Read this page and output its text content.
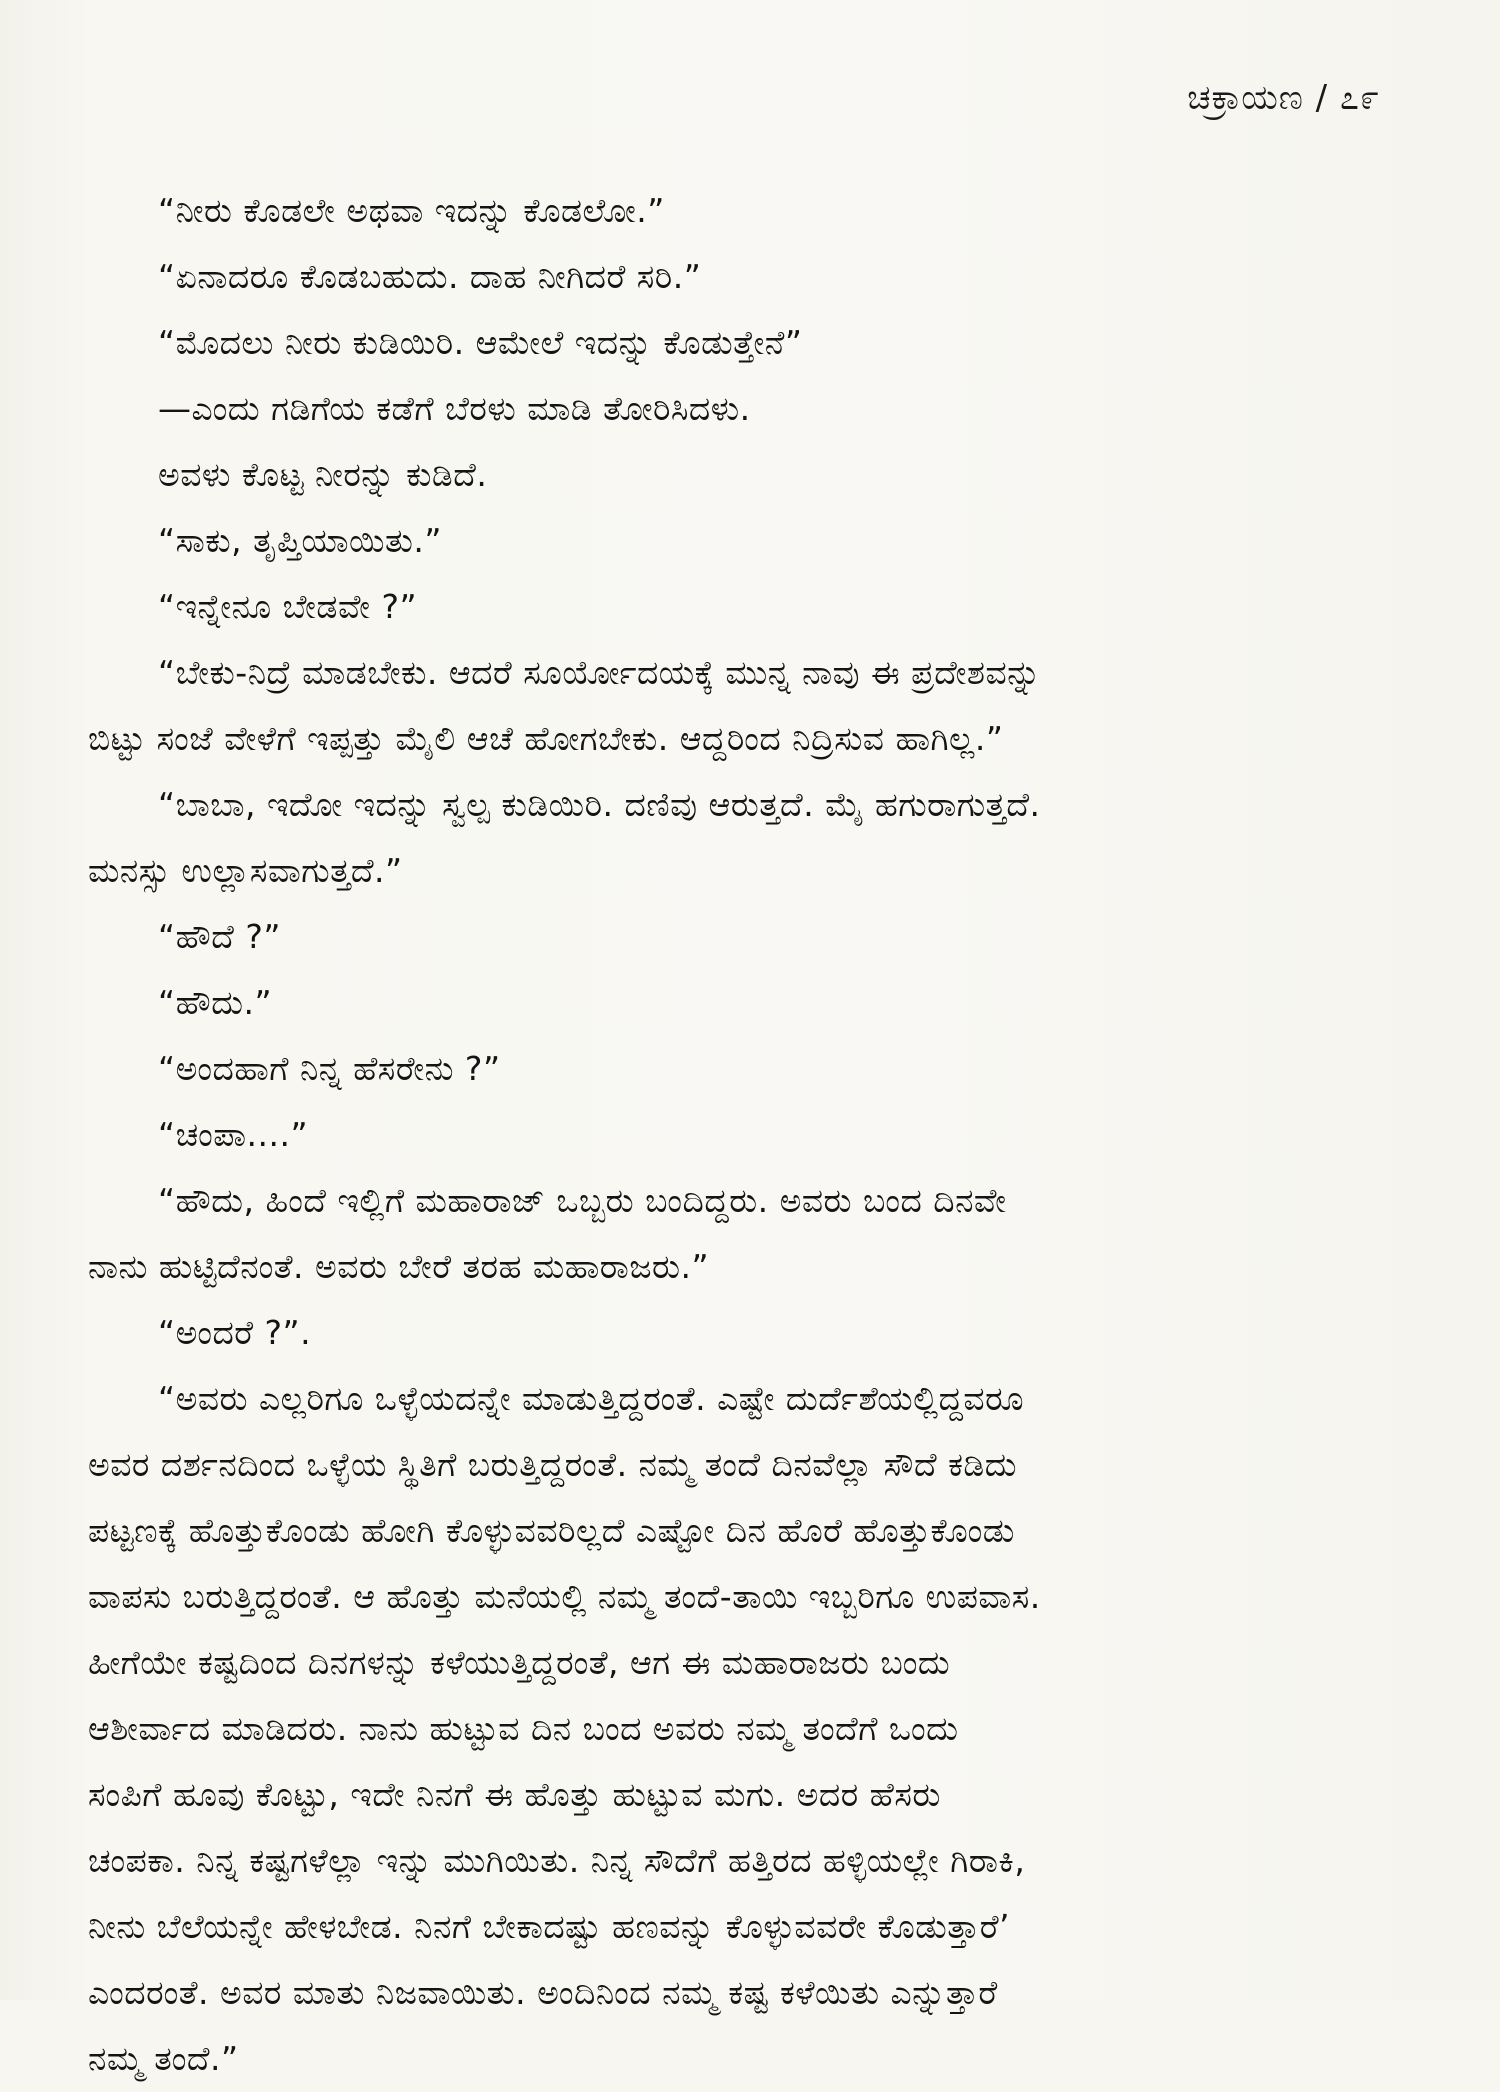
ಚಕ್ರಾಯಣ / ೭೯
“ನೀರು ಕೊಡಲೇ ಅಥವಾ ಇದನ್ನು ಕೊಡಲೋ.”
“ಏನಾದರೂ ಕೊಡಬಹುದು. ದಾಹ ನೀಗಿದರೆ ಸರಿ.”
“ಮೊದಲು ನೀರು ಕುಡಿಯಿರಿ. ಆಮೇಲೆ ಇದನ್ನು ಕೊಡುತ್ತೇನೆ”
—ಎಂದು ಗಡಿಗೆಯ ಕಡೆಗೆ ಬೆರಳು ಮಾಡಿ ತೋರಿಸಿದಳು.
ಅವಳು ಕೊಟ್ಟ ನೀರನ್ನು ಕುಡಿದೆ.
“ಸಾಕು, ತೃಪ್ತಿಯಾಯಿತು.”
“ಇನ್ನೇನೂ ಬೇಡವೇ ?”
“ಬೇಕು-ನಿದ್ರೆ ಮಾಡಬೇಕು. ಆದರೆ ಸೂರ್ಯೋದಯಕ್ಕೆ ಮುನ್ನ ನಾವು ಈ ಪ್ರದೇಶವನ್ನು
ಬಿಟ್ಟು ಸಂಜೆ ವೇಳೆಗೆ ಇಪ್ಪತ್ತು ಮೈಲಿ ಆಚೆ ಹೋಗಬೇಕು. ಆದ್ದರಿಂದ ನಿದ್ರಿಸುವ ಹಾಗಿಲ್ಲ.”
“ಬಾಬಾ, ಇದೋ ಇದನ್ನು ಸ್ವಲ್ಪ ಕುಡಿಯಿರಿ. ದಣಿವು ಆರುತ್ತದೆ. ಮೈ ಹಗುರಾಗುತ್ತದೆ.
ಮನಸ್ಸು ಉಲ್ಲಾಸವಾಗುತ್ತದೆ.”
“ಹೌದೆ ?”
“ಹೌದು.”
“ಅಂದಹಾಗೆ ನಿನ್ನ ಹೆಸರೇನು ?”
“ಚಂಪಾ....”
“ಹೌದು, ಹಿಂದೆ ಇಲ್ಲಿಗೆ ಮಹಾರಾಜ್ ಒಬ್ಬರು ಬಂದಿದ್ದರು. ಅವರು ಬಂದ ದಿನವೇ
ನಾನು ಹುಟ್ಟಿದೆನಂತೆ. ಅವರು ಬೇರೆ ತರಹ ಮಹಾರಾಜರು.”
“ಅಂದರೆ ?”.
“ಅವರು ಎಲ್ಲರಿಗೂ ಒಳ್ಳೆಯದನ್ನೇ ಮಾಡುತ್ತಿದ್ದರಂತೆ. ಎಷ್ಟೇ ದುರ್ದೆಶೆಯಲ್ಲಿದ್ದವರೂ
ಅವರ ದರ್ಶನದಿಂದ ಒಳ್ಳೆಯ ಸ್ಥಿತಿಗೆ ಬರುತ್ತಿದ್ದರಂತೆ. ನಮ್ಮ ತಂದೆ ದಿನವೆಲ್ಲಾ ಸೌದೆ ಕಡಿದು
ಪಟ್ಟಣಕ್ಕೆ ಹೊತ್ತುಕೊಂಡು ಹೋಗಿ ಕೊಳ್ಳುವವರಿಲ್ಲದೆ ಎಷ್ಟೋ ದಿನ ಹೊರೆ ಹೊತ್ತುಕೊಂಡು
ವಾಪಸು ಬರುತ್ತಿದ್ದರಂತೆ. ಆ ಹೊತ್ತು ಮನೆಯಲ್ಲಿ ನಮ್ಮ ತಂದೆ-ತಾಯಿ ಇಬ್ಬರಿಗೂ ಉಪವಾಸ.
ಹೀಗೆಯೇ ಕಷ್ಟದಿಂದ ದಿನಗಳನ್ನು ಕಳೆಯುತ್ತಿದ್ದರಂತೆ, ಆಗ ಈ ಮಹಾರಾಜರು ಬಂದು
ಆಶೀರ್ವಾದ ಮಾಡಿದರು. ನಾನು ಹುಟ್ಟುವ ದಿನ ಬಂದ ಅವರು ನಮ್ಮ ತಂದೆಗೆ ಒಂದು
ಸಂಪಿಗೆ ಹೂವು ಕೊಟ್ಟು, ಇದೇ ನಿನಗೆ ಈ ಹೊತ್ತು ಹುಟ್ಟುವ ಮಗು. ಅದರ ಹೆಸರು
ಚಂಪಕಾ. ನಿನ್ನ ಕಷ್ಟಗಳೆಲ್ಲಾ ಇನ್ನು ಮುಗಿಯಿತು. ನಿನ್ನ ಸೌದೆಗೆ ಹತ್ತಿರದ ಹಳ್ಳಿಯಲ್ಲೇ ಗಿರಾಕಿ,
ನೀನು ಬೆಲೆಯನ್ನೇ ಹೇಳಬೇಡ. ನಿನಗೆ ಬೇಕಾದಷ್ಟು ಹಣವನ್ನು ಕೊಳ್ಳುವವರೇ ಕೊಡುತ್ತಾರೆ’
ಎಂದರಂತೆ. ಅವರ ಮಾತು ನಿಜವಾಯಿತು. ಅಂದಿನಿಂದ ನಮ್ಮ ಕಷ್ಟ ಕಳೆಯಿತು ಎನ್ನುತ್ತಾರೆ
ನಮ್ಮ ತಂದೆ.”
